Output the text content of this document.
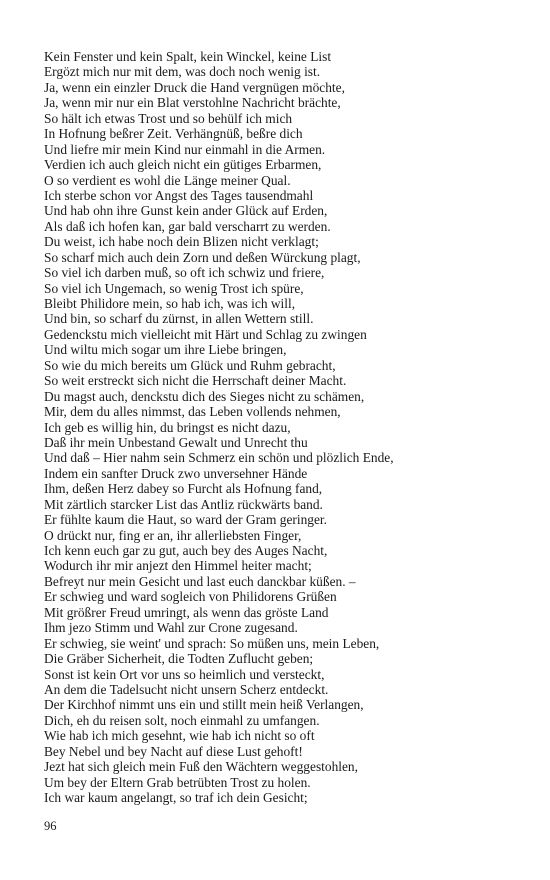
Kein Fenster und kein Spalt, kein Winckel, keine List
Ergözt mich nur mit dem, was doch noch wenig ist.
Ja, wenn ein einzler Druck die Hand vergnügen möchte,
Ja, wenn mir nur ein Blat verstohlne Nachricht brächte,
So hält ich etwas Trost und so behülf ich mich
In Hofnung beßrer Zeit. Verhängnüß, beßre dich
Und liefre mir mein Kind nur einmahl in die Armen.
Verdien ich auch gleich nicht ein gütiges Erbarmen,
O so verdient es wohl die Länge meiner Qual.
Ich sterbe schon vor Angst des Tages tausendmahl
Und hab ohn ihre Gunst kein ander Glück auf Erden,
Als daß ich hofen kan, gar bald verscharrt zu werden.
Du weist, ich habe noch dein Blizen nicht verklagt;
So scharf mich auch dein Zorn und deßen Würckung plagt,
So viel ich darben muß, so oft ich schwiz und friere,
So viel ich Ungemach, so wenig Trost ich spüre,
Bleibt Philidore mein, so hab ich, was ich will,
Und bin, so scharf du zürnst, in allen Wettern still.
Gedenckstu mich vielleicht mit Härt und Schlag zu zwingen
Und wiltu mich sogar um ihre Liebe bringen,
So wie du mich bereits um Glück und Ruhm gebracht,
So weit erstreckt sich nicht die Herrschaft deiner Macht.
Du magst auch, denckstu dich des Sieges nicht zu schämen,
Mir, dem du alles nimmst, das Leben vollends nehmen,
Ich geb es willig hin, du bringst es nicht dazu,
Daß ihr mein Unbestand Gewalt und Unrecht thu
Und daß – Hier nahm sein Schmerz ein schön und plözlich Ende,
Indem ein sanfter Druck zwo unversehner Hände
Ihm, deßen Herz dabey so Furcht als Hofnung fand,
Mit zärtlich starcker List das Antliz rückwärts band.
Er fühlte kaum die Haut, so ward der Gram geringer.
O drückt nur, fing er an, ihr allerliebsten Finger,
Ich kenn euch gar zu gut, auch bey des Auges Nacht,
Wodurch ihr mir anjezt den Himmel heiter macht;
Befreyt nur mein Gesicht und last euch danckbar küßen. –
Er schwieg und ward sogleich von Philidorens Grüßen
Mit größrer Freud umringt, als wenn das gröste Land
Ihm jezo Stimm und Wahl zur Crone zugesand.
Er schwieg, sie weint' und sprach: So müßen uns, mein Leben,
Die Gräber Sicherheit, die Todten Zuflucht geben;
Sonst ist kein Ort vor uns so heimlich und versteckt,
An dem die Tadelsucht nicht unsern Scherz entdeckt.
Der Kirchhof nimmt uns ein und stillt mein heiß Verlangen,
Dich, eh du reisen solt, noch einmahl zu umfangen.
Wie hab ich mich gesehnt, wie hab ich nicht so oft
Bey Nebel und bey Nacht auf diese Lust gehoft!
Jezt hat sich gleich mein Fuß den Wächtern weggestohlen,
Um bey der Eltern Grab betrübten Trost zu holen.
Ich war kaum angelangt, so traf ich dein Gesicht;
96
